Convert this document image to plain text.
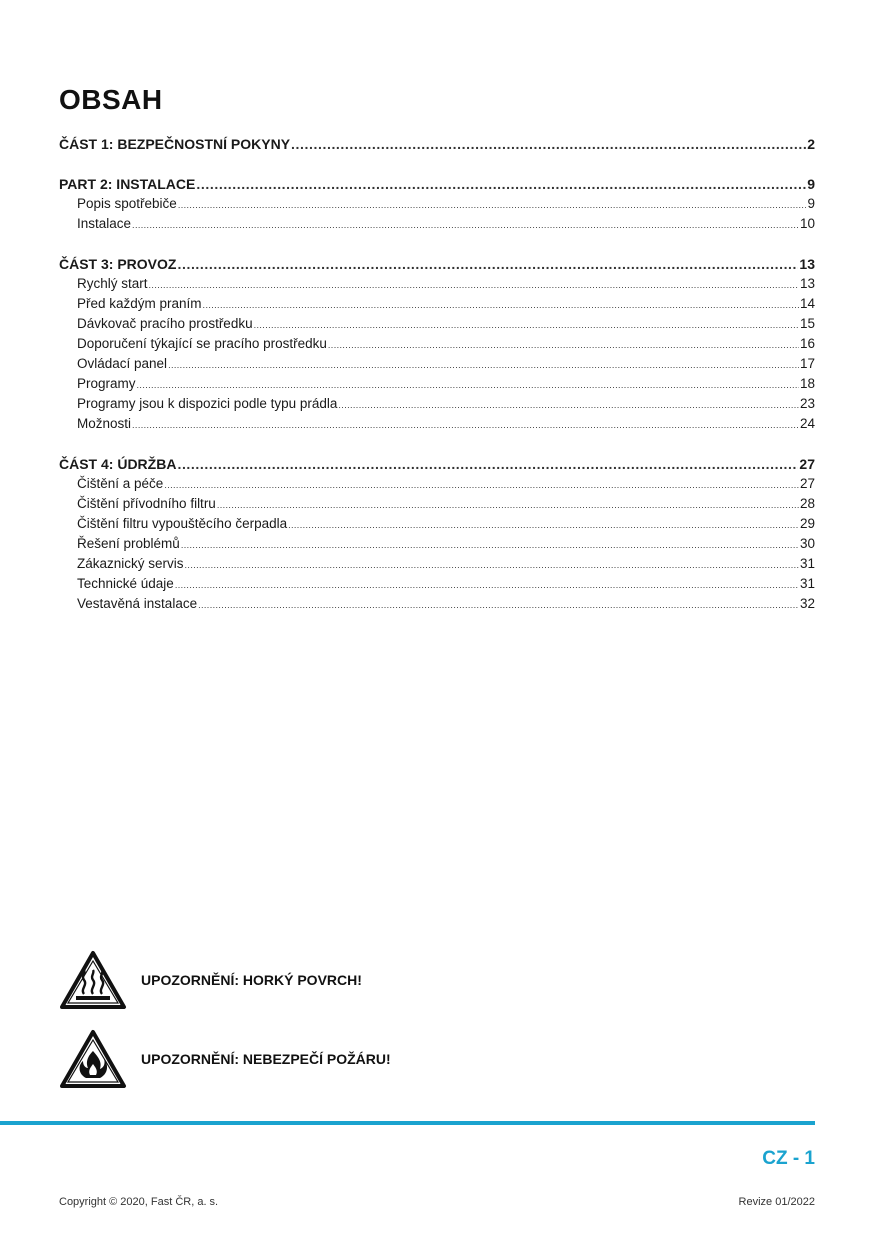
OBSAH
ČÁST 1: BEZPEČNOSTNÍ POKYNY .....	2
PART 2: INSTALACE .....	9
Popis spotřebiče .....	9
Instalace .....	10
ČÁST 3: PROVOZ .....	13
Rychlý start .....	13
Před každým praním .....	14
Dávkovač pracího prostředku .....	15
Doporučení týkající se pracího prostředku .....	16
Ovládací panel .....	17
Programy .....	18
Programy jsou k dispozici podle typu prádla .....	23
Možnosti .....	24
ČÁST 4: ÚDRŽBA .....	27
Čištění a péče .....	27
Čištění přívodního filtru .....	28
Čištění filtru vypouštěcího čerpadla .....	29
Řešení problémů .....	30
Zákaznický servis .....	31
Technické údaje .....	31
Vestavěná instalace .....	32
UPOZORNĚNÍ: HORKÝ POVRCH!
UPOZORNĚNÍ: NEBEZPEČÍ POŽÁRU!
CZ - 1
Copyright © 2020, Fast ČR, a. s.	Revize 01/2022
